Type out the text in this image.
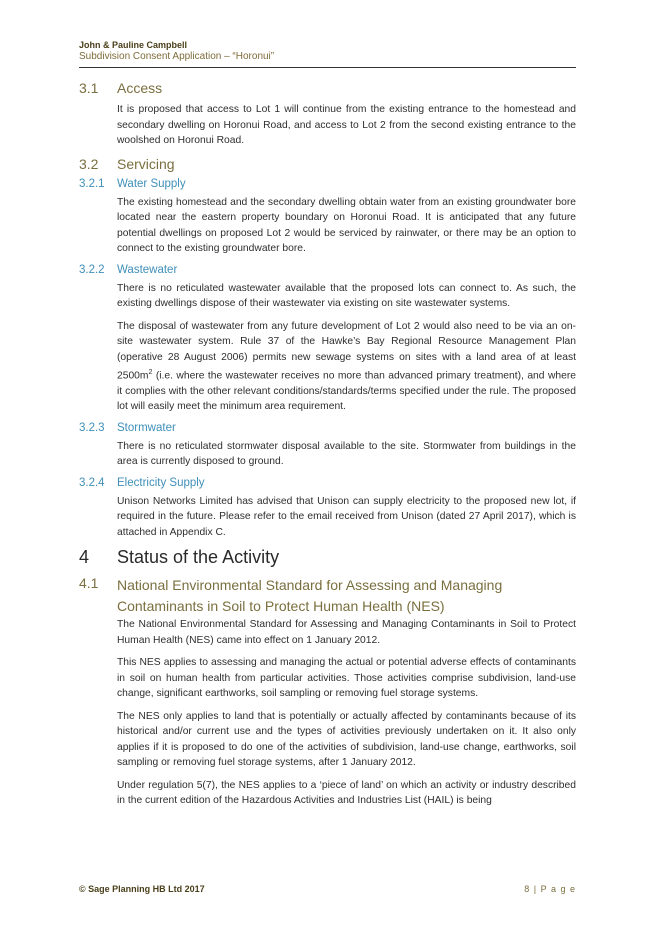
John & Pauline Campbell
Subdivision Consent Application – “Horonui”
3.1 Access

It is proposed that access to Lot 1 will continue from the existing entrance to the homestead and secondary dwelling on Horonui Road, and access to Lot 2 from the second existing entrance to the woolshed on Horonui Road.

3.2 Servicing
3.2.1 Water Supply

The existing homestead and the secondary dwelling obtain water from an existing groundwater bore located near the eastern property boundary on Horonui Road. It is anticipated that any future potential dwellings on proposed Lot 2 would be serviced by rainwater, or there may be an option to connect to the existing groundwater bore.

3.2.2 Wastewater

There is no reticulated wastewater available that the proposed lots can connect to. As such, the existing dwellings dispose of their wastewater via existing on site wastewater systems.

The disposal of wastewater from any future development of Lot 2 would also need to be via an on-site wastewater system. Rule 37 of the Hawke’s Bay Regional Resource Management Plan (operative 28 August 2006) permits new sewage systems on sites with a land area of at least $2500m^2$ (i.e. where the wastewater receives no more than advanced primary treatment), and where it complies with the other relevant conditions/standards/terms specified under the rule. The proposed lot will easily meet the minimum area requirement.

3.2.3 Stormwater

There is no reticulated stormwater disposal available to the site. Stormwater from buildings in the area is currently disposed to ground.

3.2.4 Electricity Supply

Unison Networks Limited has advised that Unison can supply electricity to the proposed new lot, if required in the future. Please refer to the email received from Unison (dated 27 April 2017), which is attached in Appendix C.

4 Status of the Activity
4.1 National Environmental Standard for Assessing and Managing Contaminants in Soil to Protect Human Health (NES)

The National Environmental Standard for Assessing and Managing Contaminants in Soil to Protect Human Health (NES) came into effect on 1 January 2012.

This NES applies to assessing and managing the actual or potential adverse effects of contaminants in soil on human health from particular activities. Those activities comprise subdivision, land-use change, significant earthworks, soil sampling or removing fuel storage systems.

The NES only applies to land that is potentially or actually affected by contaminants because of its historical and/or current use and the types of activities previously undertaken on it. It also only applies if it is proposed to do one of the activities of subdivision, land-use change, earthworks, soil sampling or removing fuel storage systems, after 1 January 2012.

Under regulation 5(7), the NES applies to a ‘piece of land’ on which an activity or industry described in the current edition of the Hazardous Activities and Industries List (HAIL) is being

© Sage Planning HB Ltd 2017	8 | P a g e
